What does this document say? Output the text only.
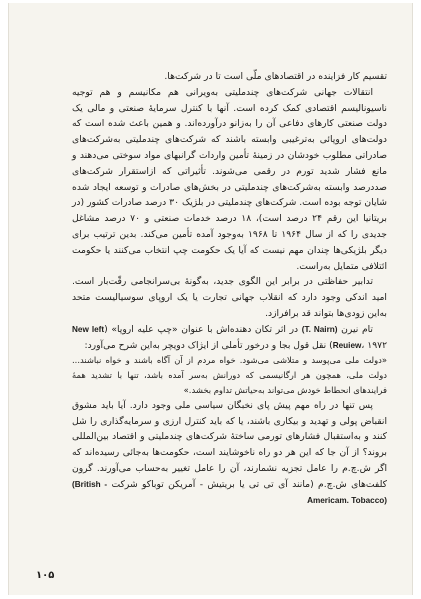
تقسیم کار فزاینده در اقتصادهای ملّی است تا در شرکت‌ها.

انتقالات جهانی شرکت‌های چندملیتی به‌ویرانی هم مکانیسم و هم توجیه ناسیونالیسم اقتصادی کمک کرده است. آنها با کنترل سرمایهٔ صنعتی و مالی یک دولت صنعتی کارهای دفاعی آن را به‌زانو درآورده‌اند. و همین باعث شده است که دولت‌های اروپائی به‌ترغیبی وابسته باشند که شرکت‌های چندملیتی به‌شرکت‌های صادراتی مطلوب خودشان در زمینهٔ تأمین واردات گرانبهای مواد سوختی می‌دهند و مانع فشار شدید تورم در رقمی می‌شوند. تأثیراتی که ازاستقرار شرکت‌های صددرصد وابسته به‌شرکت‌های چندملیتی در بخش‌های صادرات و توسعه ایجاد شده شایان توجه بوده است. شرکت‌های چندملیتی در بلژیک ۳۰ درصد صادرات کشور (در بریتانیا این رقم ۲۴ درصد است)، ۱۸ درصد خدمات صنعتی و ۷۰ درصد مشاغل جدیدی را که از سال ۱۹۶۴ تا ۱۹۶۸ به‌وجود آمده تأمین می‌کند. بدین ترتیب برای دیگر بلژیکی‌ها چندان مهم نیست که آیا یک حکومت چپ انتخاب می‌کنند یا حکومت ائتلافی متمایل به‌راست.

تدابیر حفاظتی در برابر این الگوی جدید، به‌گونهٔ بی‌سرانجامی رقّت‌بار است. امید اندکی وجود دارد که انقلاب جهانی تجارت یا یک اروپای سوسیالیست متحد به‌این زودی‌ها بتواند قد برافرازد.

تام نیرن (T. Nairn) در اثر تکان دهنده‌اش با عنوان «چپ علیه اروپا» (New left Reuiew، ۱۹۷۲) نقل قول بجا و درخور تأملی از ایژاک دویچر به‌این شرح می‌آورد:

«دولت ملی می‌پوسد و متلاشی می‌شود. خواه مردم از آن آگاه باشند و خواه نباشند... دولت ملی، همچون هر ارگانیسمی که دورانش به‌سر آمده باشد، تنها با تشدید همهٔ فرایندهای انحطاط خودش می‌تواند به‌حیاتش تداوم بخشد.»

پس تنها در راه مهم پیش پای نخبگان سیاسی ملی وجود دارد. آیا باید مشوق انقباض پولی و تهدید و بیکاری باشند، یا که باید کنترل ارزی و سرمایه‌گذاری را شل کنند و به‌استقبال فشارهای تورمی ساختهٔ شرکت‌های چندملیتی و اقتصاد بین‌المللی بروند؟ از آن جا که این هر دو راه ناخوشایند است، حکومت‌ها به‌جائی رسیده‌اند که اگر ش.چ.م را عامل تجزیه نشمارند، آن را عامل تغییر به‌حساب می‌آورند. گرون کلفت‌های ش.چ.م (مانند آی تی تی یا بریتیش - آمریکن توباکو شرکت (British - Americam. Tobacco)

۱۰۵
